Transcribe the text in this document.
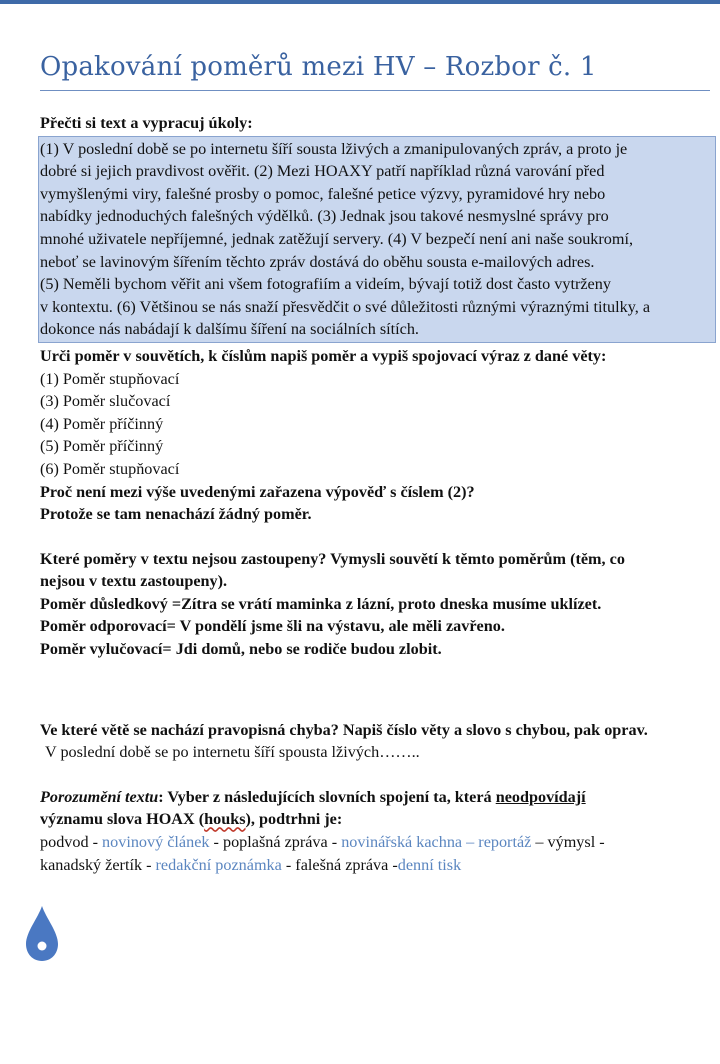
Opakování poměrů mezi HV – Rozbor č. 1

Přečti si text a vypracuj úkoly:

(1) V poslední době se po internetu šíří sousta lživých a zmanipulovaných zpráv, a proto je
dobré si jejich pravdivost ověřit. (2) Mezi HOAXY patří například různá varování před
vymyšlenými viry, falešné prosby o pomoc, falešné petice výzvy, pyramidové hry nebo
nabídky jednoduchých falešných výdělků. (3) Jednak jsou takové nesmyslné správy pro
mnohé uživatele nepříjemné, jednak zatěžují servery. (4) V bezpečí není ani naše soukromí,
neboť se lavinovým šířením těchto zpráv dostává do oběhu sousta e-mailových adres.
(5) Neměli bychom věřit ani všem fotografiím a videím, bývají totiž dost často vytrženy
v kontextu. (6) Většinou se nás snaží přesvědčit o své důležitosti různými výraznými titulky, a
dokonce nás nabádají k dalšímu šíření na sociálních sítích.

Urči poměr v souvětích, k číslům napiš poměr a vypiš spojovací výraz z dané věty:

(1) Poměr stupňovací

(3) Poměr slučovací

(4) Poměr příčinný

(5) Poměr příčinný

(6) Poměr stupňovací

Proč není mezi výše uvedenými zařazena výpověď s číslem (2)?

Protože se tam nenachází žádný poměr.

Které poměry v textu nejsou zastoupeny? Vymysli souvětí k těmto poměrům (těm, co

nejsou v textu zastoupeny).

Poměr důsledkový =Zítra se vrátí maminka z lázní, proto dneska musíme uklízet.

Poměr odporovací= V pondělí jsme šli na výstavu, ale měli zavřeno.

Poměr vylučovací= Jdi domů, nebo se rodiče budou zlobit.

Ve které větě se nachází pravopisná chyba? Napiš číslo věty a slovo s chybou, pak oprav.

V poslední době se po internetu šíří spousta lživých……..

Porozumění textu: Vyber z následujících slovních spojení ta, která neodpovídají

významu slova HOAX (houks), podtrhni je:

podvod - novinový článek - poplašná zpráva - novinářská kachna – reportáž – výmysl -

kanadský žertík - redakční poznámka - falešná zpráva -denní tisk
